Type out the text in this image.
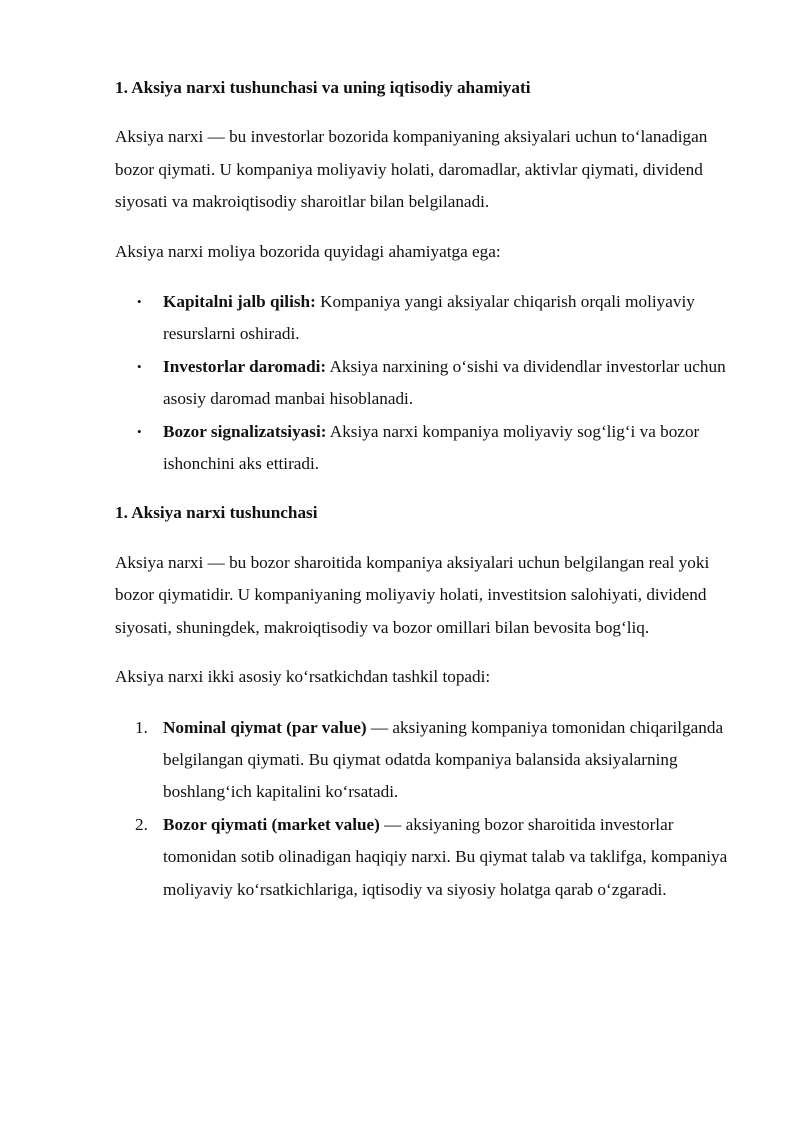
1. Aksiya narxi tushunchasi va uning iqtisodiy ahamiyati

Aksiya narxi — bu investorlar bozorida kompaniyaning aksiyalari uchun to‘lanadigan bozor qiymati. U kompaniya moliyaviy holati, daromadlar, aktivlar qiymati, dividend siyosati va makroiqtisodiy sharoitlar bilan belgilanadi.

Aksiya narxi moliya bozorida quyidagi ahamiyatga ega:

• Kapitalni jalb qilish: Kompaniya yangi aksiyalar chiqarish orqali moliyaviy resurslarni oshiradi.
• Investorlar daromadi: Aksiya narxining o‘sishi va dividendlar investorlar uchun asosiy daromad manbai hisoblanadi.
• Bozor signalizatsiyasi: Aksiya narxi kompaniya moliyaviy sog‘lig‘i va bozor ishonchini aks ettiradi.
1. Aksiya narxi tushunchasi

Aksiya narxi — bu bozor sharoitida kompaniya aksiyalari uchun belgilangan real yoki bozor qiymatidir. U kompaniyaning moliyaviy holati, investitsion salohiyati, dividend siyosati, shuningdek, makroiqtisodiy va bozor omillari bilan bevosita bog‘liq.

Aksiya narxi ikki asosiy ko‘rsatkichdan tashkil topadi:

1. Nominal qiymat (par value) — aksiyaning kompaniya tomonidan chiqarilganda belgilangan qiymati. Bu qiymat odatda kompaniya balansida aksiyalarning boshlang‘ich kapitalini ko‘rsatadi.
2. Bozor qiymati (market value) — aksiyaning bozor sharoitida investorlar tomonidan sotib olinadigan haqiqiy narxi. Bu qiymat talab va taklifga, kompaniya moliyaviy ko‘rsatkichlariga, iqtisodiy va siyosiy holatga qarab o‘zgaradi.
